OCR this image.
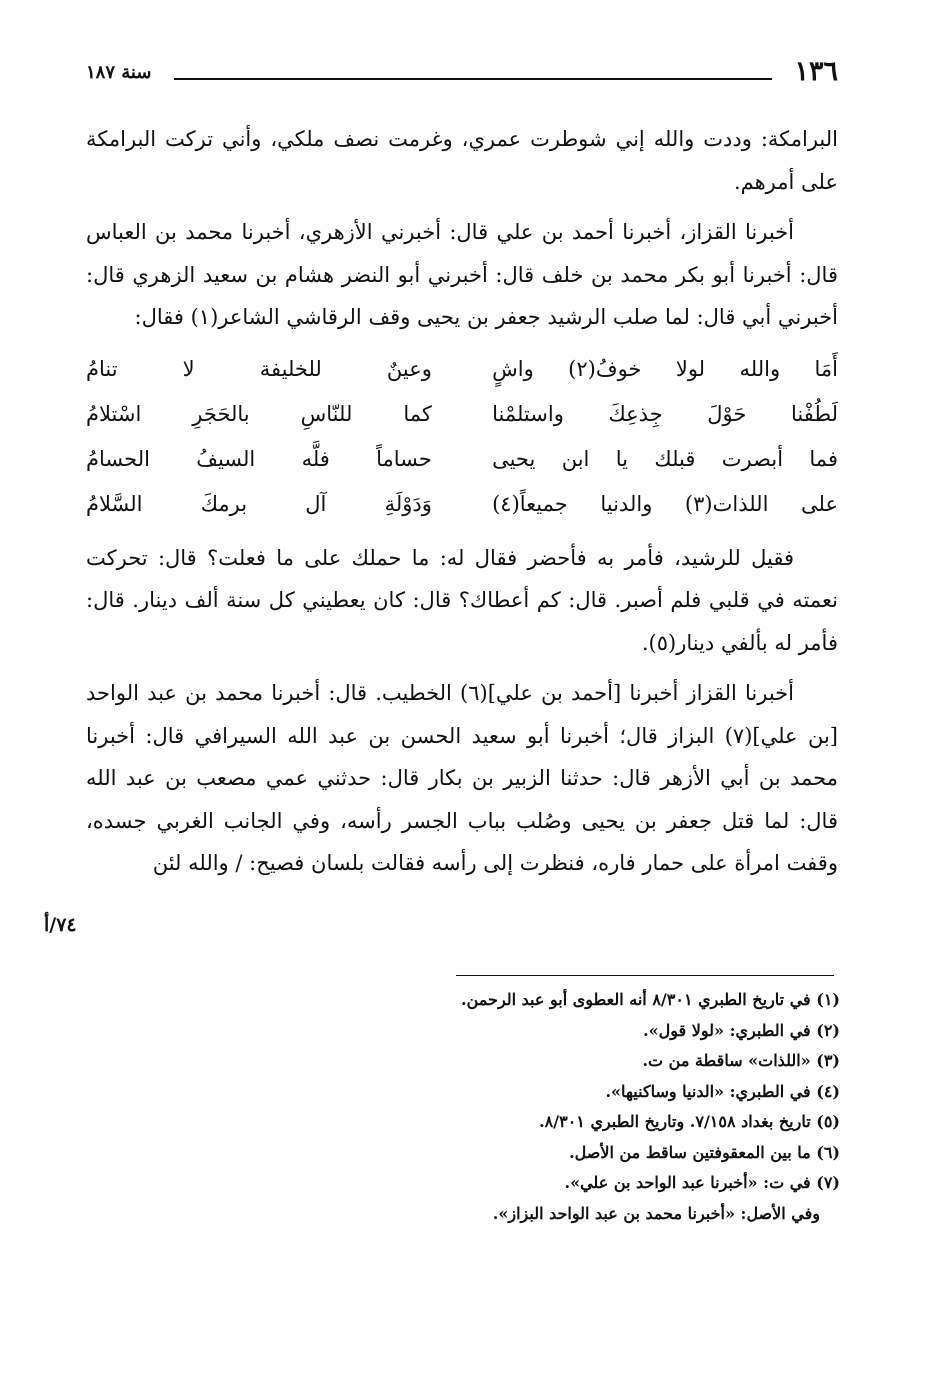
١٣٦
سنة ١٨٧

البرامكة: وددت والله إني شوطرت عمري، وغرمت نصف ملكي، وأني تركت البرامكة على أمرهم.

أخبرنا القزاز، أخبرنا أحمد بن علي قال: أخبرني الأزهري، أخبرنا محمد بن العباس قال: أخبرنا أبو بكر محمد بن خلف قال: أخبرني أبو النضر هشام بن سعيد الزهري قال: أخبرني أبي قال: لما صلب الرشيد جعفر بن يحيى وقف الرقاشي الشاعر(١) فقال:

أَمَا والله لولا خوفُ(٢) واشٍ
وعينٌ للخليفة لا تنامُ
لَطُفْنا حَوْلَ جِذعِكَ واستلمْنا
كما للنّاسِ بالحَجَرِ اسْتلامُ
فما أبصرت قبلك يا ابن يحيى
حساماً فلَّه السيفُ الحسامُ
على اللذات(٣) والدنيا جميعاً(٤)
وَدَوْلَةِ آل برمكَ السَّلامُ

فقيل للرشيد، فأمر به فأحضر فقال له: ما حملك على ما فعلت؟ قال: تحركت نعمته في قلبي فلم أصبر. قال: كم أعطاك؟ قال: كان يعطيني كل سنة ألف دينار. قال: فأمر له بألفي دينار(٥).

أخبرنا القزاز أخبرنا [أحمد بن علي](٦) الخطيب. قال: أخبرنا محمد بن عبد الواحد [بن علي](٧) البزاز قال؛ أخبرنا أبو سعيد الحسن بن عبد الله السيرافي قال: أخبرنا محمد بن أبي الأزهر قال: حدثنا الزبير بن بكار قال: حدثني عمي مصعب بن عبد الله قال: لما قتل جعفر بن يحيى وصُلب بباب الجسر رأسه، وفي الجانب الغربي جسده، وقفت امرأة على حمار فاره، فنظرت إلى رأسه فقالت بلسان فصيح: / والله لئن

٧٤/أ
(١) في تاريخ الطبري ٨/٣٠١ أنه العطوى أبو عبد الرحمن.
(٢) في الطبري: «لولا قول».
(٣) «اللذات» ساقطة من ت.
(٤) في الطبري: «الدنيا وساكنيها».
(٥) تاريخ بغداد ٧/١٥٨. وتاريخ الطبري ٨/٣٠١.
(٦) ما بين المعقوفتين ساقط من الأصل.
(٧) في ت: «أخبرنا عبد الواحد بن علي».
وفي الأصل: «أخبرنا محمد بن عبد الواحد البزاز».
